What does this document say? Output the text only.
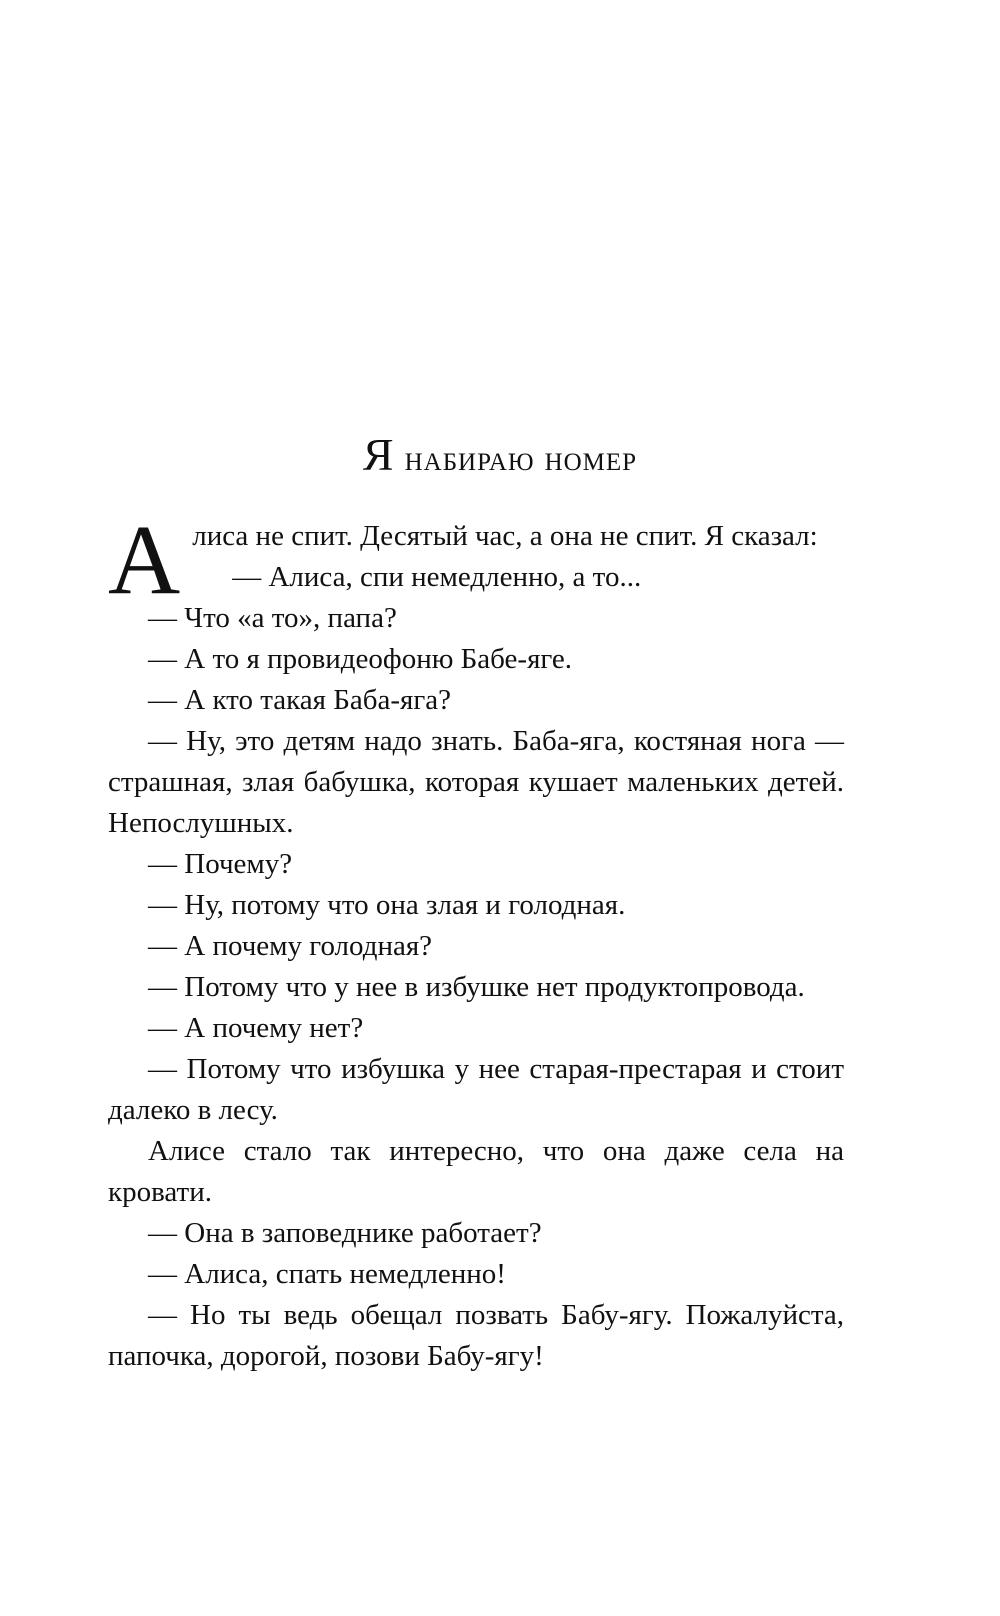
Я набираю номер

Алиса не спит. Десятый час, а она не спит. Я сказал:

— Алиса, спи немедленно, а то...

— Что «а то», папа?

— А то я провидеофоню Бабе-яге.

— А кто такая Баба-яга?

— Ну, это детям надо знать. Баба-яга, костяная нога — страшная, злая бабушка, которая кушает маленьких детей. Непослушных.

— Почему?

— Ну, потому что она злая и голодная.

— А почему голодная?

— Потому что у нее в избушке нет продуктопровода.

— А почему нет?

— Потому что избушка у нее старая-престарая и стоит далеко в лесу.

Алисе стало так интересно, что она даже села на кровати.

— Она в заповеднике работает?

— Алиса, спать немедленно!

— Но ты ведь обещал позвать Бабу-ягу. Пожалуйста, папочка, дорогой, позови Бабу-ягу!
